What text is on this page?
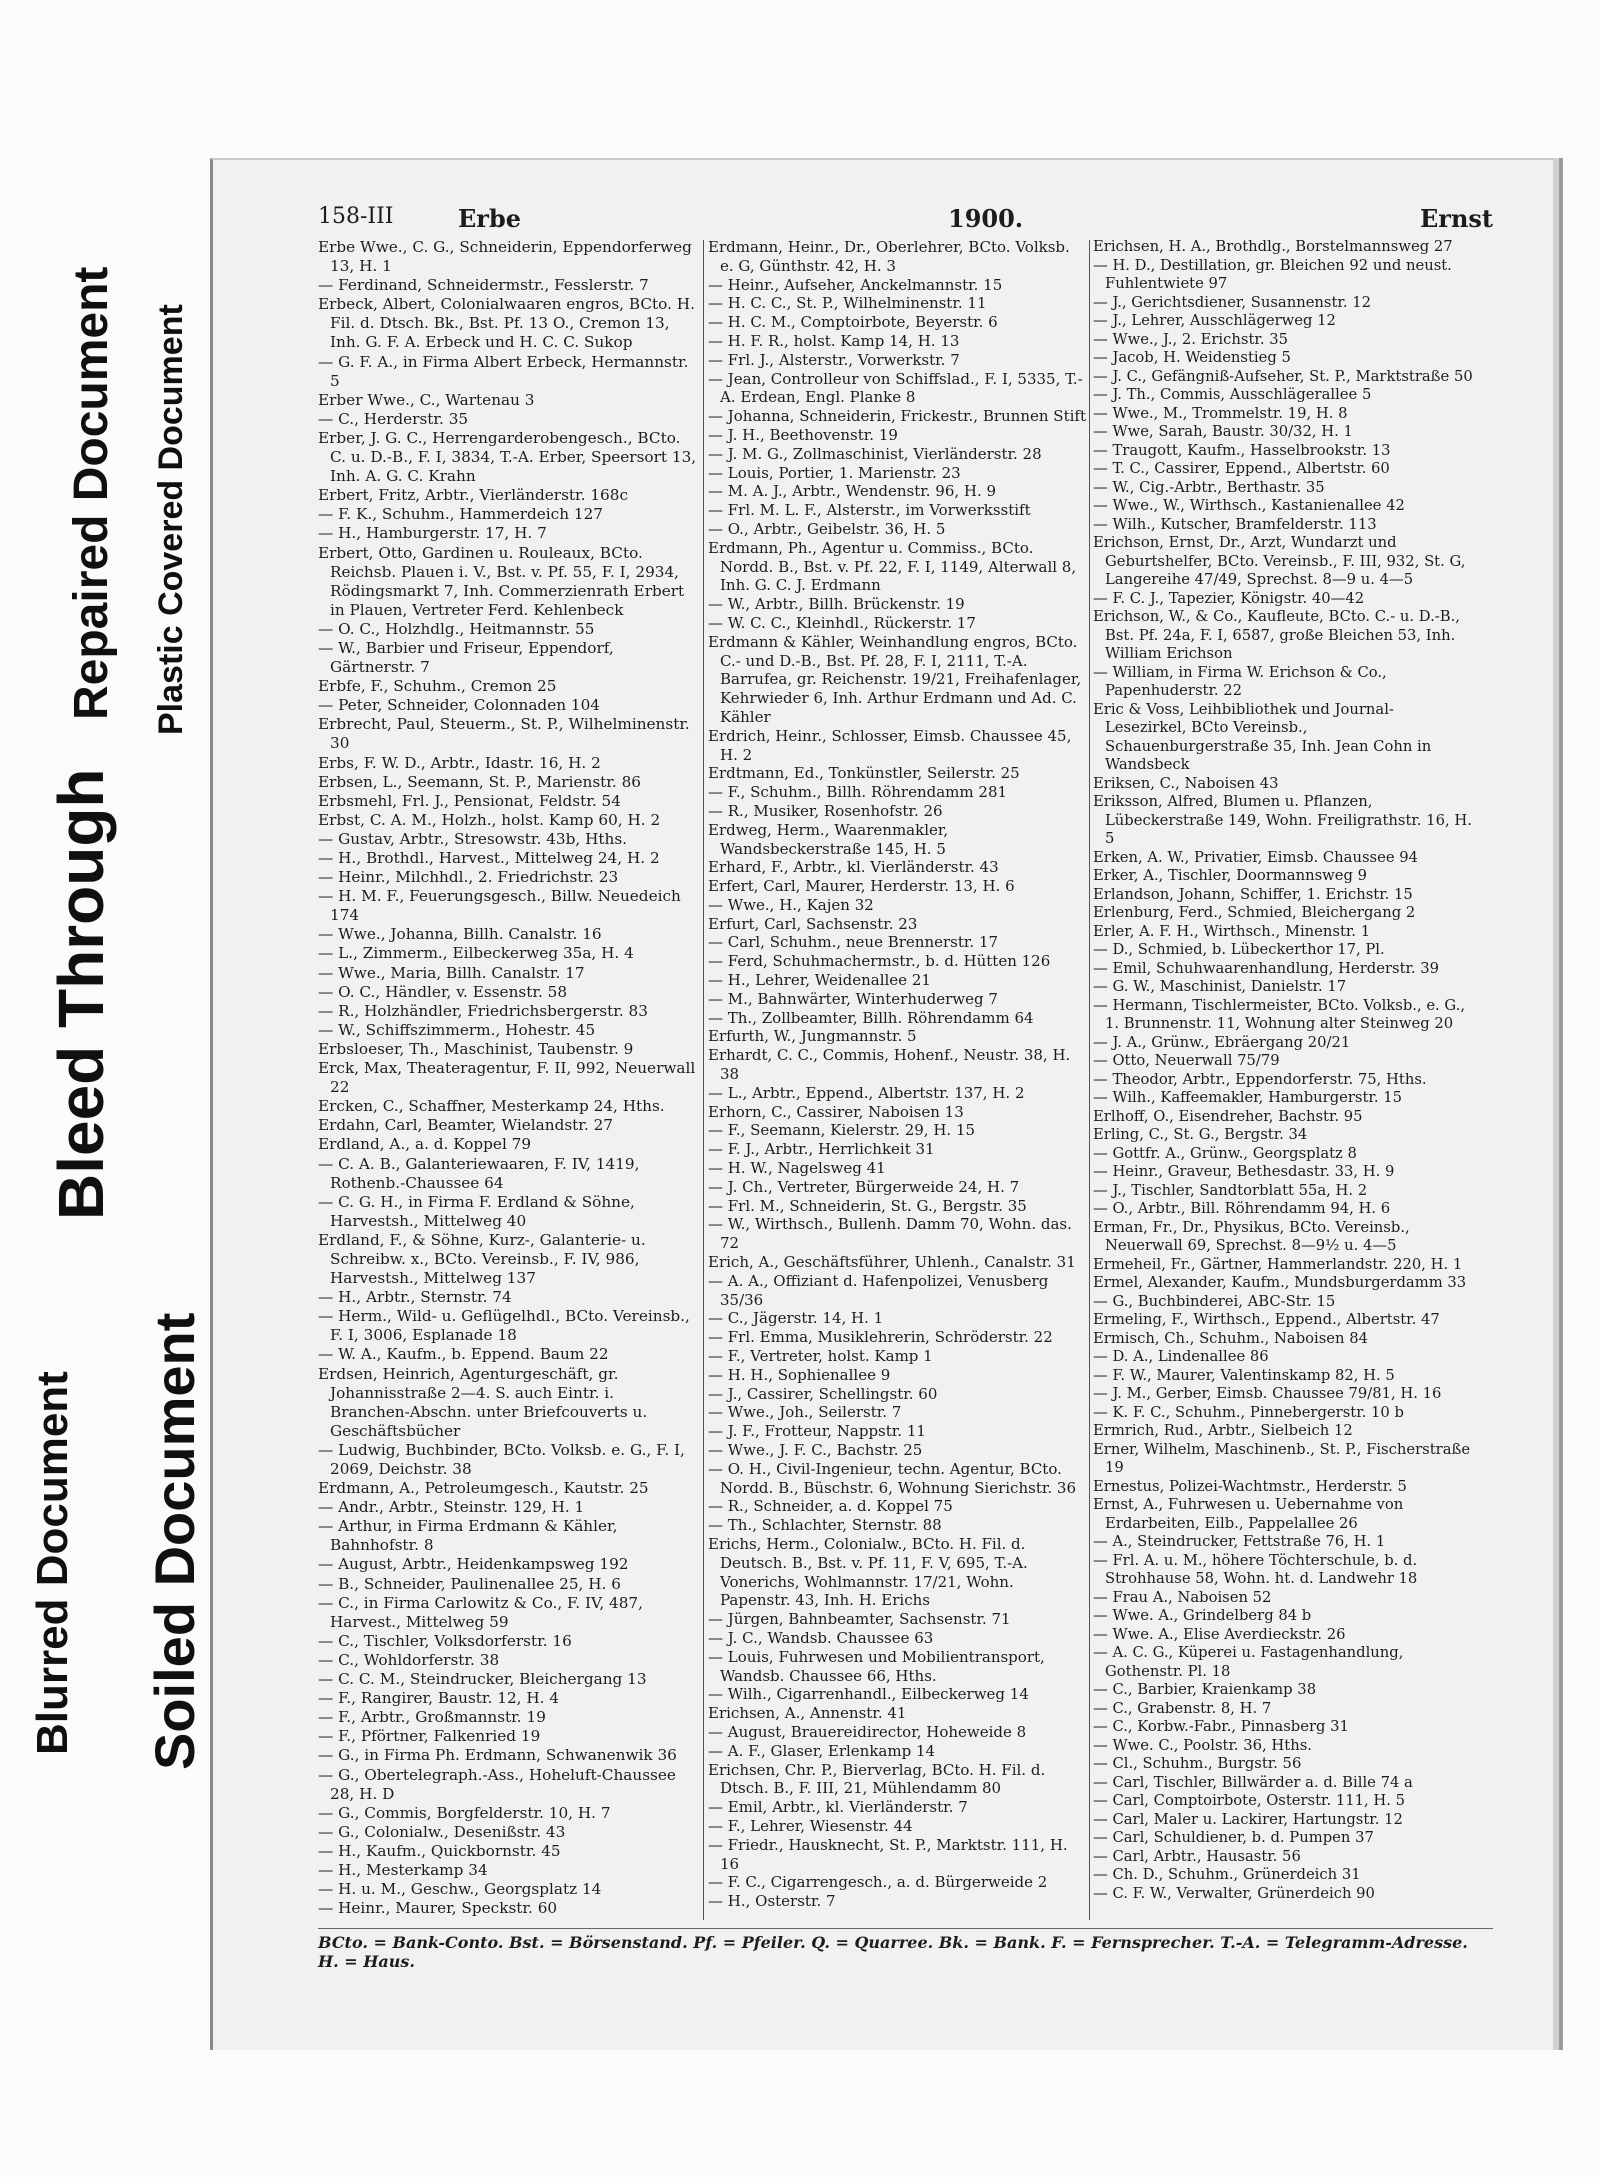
Blurred Document
Bleed Through
Repaired Document
Soiled Document
Plastic Covered Document
158-III	Erbe	1900.	Ernst

Erbe Wwe., C. G., Schneiderin, Eppendorferweg 13, H. 1

— Ferdinand, Schneidermstr., Fesslerstr. 7

Erbeck, Albert, Colonialwaaren engros, BCto. H. Fil. d. Dtsch. Bk., Bst. Pf. 13 O., Cremon 13, Inh. G. F. A. Erbeck und H. C. C. Sukop

— G. F. A., in Firma Albert Erbeck, Hermannstr. 5

Erber Wwe., C., Wartenau 3

— C., Herderstr. 35

Erber, J. G. C., Herrengarderobengesch., BCto. C. u. D.-B., F. I, 3834, T.-A. Erber, Speersort 13, Inh. A. G. C. Krahn

Erbert, Fritz, Arbtr., Vierländerstr. 168c

— F. K., Schuhm., Hammerdeich 127

— H., Hamburgerstr. 17, H. 7

Erbert, Otto, Gardinen u. Rouleaux, BCto. Reichsb. Plauen i. V., Bst. v. Pf. 55, F. I, 2934, Rödingsmarkt 7, Inh. Commerzienrath Erbert in Plauen, Vertreter Ferd. Kehlenbeck

— O. C., Holzhdlg., Heitmannstr. 55

— W., Barbier und Friseur, Eppendorf, Gärtnerstr. 7

Erbfe, F., Schuhm., Cremon 25

— Peter, Schneider, Colonnaden 104

Erbrecht, Paul, Steuerm., St. P., Wilhelminenstr. 30

Erbs, F. W. D., Arbtr., Idastr. 16, H. 2

Erbsen, L., Seemann, St. P., Marienstr. 86

Erbsmehl, Frl. J., Pensionat, Feldstr. 54

Erbst, C. A. M., Holzh., holst. Kamp 60, H. 2

— Gustav, Arbtr., Stresowstr. 43b, Hths.

— H., Brothdl., Harvest., Mittelweg 24, H. 2

— Heinr., Milchhdl., 2. Friedrichstr. 23

— H. M. F., Feuerungsgesch., Billw. Neuedeich 174

— Wwe., Johanna, Billh. Canalstr. 16

— L., Zimmerm., Eilbeckerweg 35a, H. 4

— Wwe., Maria, Billh. Canalstr. 17

— O. C., Händler, v. Essenstr. 58

— R., Holzhändler, Friedrichsbergerstr. 83

— W., Schiffszimmerm., Hohestr. 45

Erbsloeser, Th., Maschinist, Taubenstr. 9

Erck, Max, Theateragentur, F. II, 992, Neuerwall 22

Ercken, C., Schaffner, Mesterkamp 24, Hths.

Erdahn, Carl, Beamter, Wielandstr. 27

Erdland, A., a. d. Koppel 79

— C. A. B., Galanteriewaaren, F. IV, 1419, Rothenb.-Chaussee 64

— C. G. H., in Firma F. Erdland & Söhne, Harvestsh., Mittelweg 40

Erdland, F., & Söhne, Kurz-, Galanterie- u. Schreibw. x., BCto. Vereinsb., F. IV, 986, Harvestsh., Mittelweg 137

— H., Arbtr., Sternstr. 74

— Herm., Wild- u. Geflügelhdl., BCto. Vereinsb., F. I, 3006, Esplanade 18

— W. A., Kaufm., b. Eppend. Baum 22

Erdsen, Heinrich, Agenturgeschäft, gr. Johannisstraße 2—4. S. auch Eintr. i. Branchen-Abschn. unter Briefcouverts u. Geschäftsbücher

— Ludwig, Buchbinder, BCto. Volksb. e. G., F. I, 2069, Deichstr. 38

Erdmann, A., Petroleumgesch., Kautstr. 25

— Andr., Arbtr., Steinstr. 129, H. 1

— Arthur, in Firma Erdmann & Kähler, Bahnhofstr. 8

— August, Arbtr., Heidenkampsweg 192

— B., Schneider, Paulinenallee 25, H. 6

— C., in Firma Carlowitz & Co., F. IV, 487, Harvest., Mittelweg 59

— C., Tischler, Volksdorferstr. 16

— C., Wohldorferstr. 38

— C. C. M., Steindrucker, Bleichergang 13

— F., Rangirer, Baustr. 12, H. 4

— F., Arbtr., Großmannstr. 19

— F., Pförtner, Falkenried 19

— G., in Firma Ph. Erdmann, Schwanenwik 36

— G., Obertelegraph.-Ass., Hoheluft-Chaussee 28, H. D

— G., Commis, Borgfelderstr. 10, H. 7

— G., Colonialw., Desenißstr. 43

— H., Kaufm., Quickbornstr. 45

— H., Mesterkamp 34

— H. u. M., Geschw., Georgsplatz 14

— Heinr., Maurer, Speckstr. 60

Erdmann, Heinr., Dr., Oberlehrer, BCto. Volksb. e. G, Günthstr. 42, H. 3

— Heinr., Aufseher, Anckelmannstr. 15

— H. C. C., St. P., Wilhelminenstr. 11

— H. C. M., Comptoirbote, Beyerstr. 6

— H. F. R., holst. Kamp 14, H. 13

— Frl. J., Alsterstr., Vorwerkstr. 7

— Jean, Controlleur von Schiffslad., F. I, 5335, T.-A. Erdean, Engl. Planke 8

— Johanna, Schneiderin, Frickestr., Brunnen Stift

— J. H., Beethovenstr. 19

— J. M. G., Zollmaschinist, Vierländerstr. 28

— Louis, Portier, 1. Marienstr. 23

— M. A. J., Arbtr., Wendenstr. 96, H. 9

— Frl. M. L. F., Alsterstr., im Vorwerksstift

— O., Arbtr., Geibelstr. 36, H. 5

Erdmann, Ph., Agentur u. Commiss., BCto. Nordd. B., Bst. v. Pf. 22, F. I, 1149, Alterwall 8, Inh. G. C. J. Erdmann

— W., Arbtr., Billh. Brückenstr. 19

— W. C. C., Kleinhdl., Rückerstr. 17

Erdmann & Kähler, Weinhandlung engros, BCto. C.- und D.-B., Bst. Pf. 28, F. I, 2111, T.-A. Barrufea, gr. Reichenstr. 19/21, Freihafenlager, Kehrwieder 6, Inh. Arthur Erdmann und Ad. C. Kähler

Erdrich, Heinr., Schlosser, Eimsb. Chaussee 45, H. 2

Erdtmann, Ed., Tonkünstler, Seilerstr. 25

— F., Schuhm., Billh. Röhrendamm 281

— R., Musiker, Rosenhofstr. 26

Erdweg, Herm., Waarenmakler, Wandsbeckerstraße 145, H. 5

Erhard, F., Arbtr., kl. Vierländerstr. 43

Erfert, Carl, Maurer, Herderstr. 13, H. 6

— Wwe., H., Kajen 32

Erfurt, Carl, Sachsenstr. 23

— Carl, Schuhm., neue Brennerstr. 17

— Ferd, Schuhmachermstr., b. d. Hütten 126

— H., Lehrer, Weidenallee 21

— M., Bahnwärter, Winterhuderweg 7

— Th., Zollbeamter, Billh. Röhrendamm 64

Erfurth, W., Jungmannstr. 5

Erhardt, C. C., Commis, Hohenf., Neustr. 38, H. 38

— L., Arbtr., Eppend., Albertstr. 137, H. 2

Erhorn, C., Cassirer, Naboisen 13

— F., Seemann, Kielerstr. 29, H. 15

— F. J., Arbtr., Herrlichkeit 31

— H. W., Nagelsweg 41

— J. Ch., Vertreter, Bürgerweide 24, H. 7

— Frl. M., Schneiderin, St. G., Bergstr. 35

— W., Wirthsch., Bullenh. Damm 70, Wohn. das. 72

Erich, A., Geschäftsführer, Uhlenh., Canalstr. 31

— A. A., Offiziant d. Hafenpolizei, Venusberg 35/36

— C., Jägerstr. 14, H. 1

— Frl. Emma, Musiklehrerin, Schröderstr. 22

— F., Vertreter, holst. Kamp 1

— H. H., Sophienallee 9

— J., Cassirer, Schellingstr. 60

— Wwe., Joh., Seilerstr. 7

— J. F., Frotteur, Nappstr. 11

— Wwe., J. F. C., Bachstr. 25

— O. H., Civil-Ingenieur, techn. Agentur, BCto. Nordd. B., Büschstr. 6, Wohnung Sierichstr. 36

— R., Schneider, a. d. Koppel 75

— Th., Schlachter, Sternstr. 88

Erichs, Herm., Colonialw., BCto. H. Fil. d. Deutsch. B., Bst. v. Pf. 11, F. V, 695, T.-A. Vonerichs, Wohlmannstr. 17/21, Wohn. Papenstr. 43, Inh. H. Erichs

— Jürgen, Bahnbeamter, Sachsenstr. 71

— J. C., Wandsb. Chaussee 63

— Louis, Fuhrwesen und Mobilientransport, Wandsb. Chaussee 66, Hths.

— Wilh., Cigarrenhandl., Eilbeckerweg 14

Erichsen, A., Annenstr. 41

— August, Brauereidirector, Hoheweide 8

— A. F., Glaser, Erlenkamp 14

Erichsen, Chr. P., Bierverlag, BCto. H. Fil. d. Dtsch. B., F. III, 21, Mühlendamm 80

— Emil, Arbtr., kl. Vierländerstr. 7

— F., Lehrer, Wiesenstr. 44

— Friedr., Hausknecht, St. P., Marktstr. 111, H. 16

— F. C., Cigarrengesch., a. d. Bürgerweide 2

— H., Osterstr. 7

Erichsen, H. A., Brothdlg., Borstelmannsweg 27

— H. D., Destillation, gr. Bleichen 92 und neust. Fuhlentwiete 97

— J., Gerichtsdiener, Susannenstr. 12

— J., Lehrer, Ausschlägerweg 12

— Wwe., J., 2. Erichstr. 35

— Jacob, H. Weidenstieg 5

— J. C., Gefängniß-Aufseher, St. P., Marktstraße 50

— J. Th., Commis, Ausschlägerallee 5

— Wwe., M., Trommelstr. 19, H. 8

— Wwe, Sarah, Baustr. 30/32, H. 1

— Traugott, Kaufm., Hasselbrookstr. 13

— T. C., Cassirer, Eppend., Albertstr. 60

— W., Cig.-Arbtr., Berthastr. 35

— Wwe., W., Wirthsch., Kastanienallee 42

— Wilh., Kutscher, Bramfelderstr. 113

Erichson, Ernst, Dr., Arzt, Wundarzt und Geburtshelfer, BCto. Vereinsb., F. III, 932, St. G, Langereihe 47/49, Sprechst. 8—9 u. 4—5

— F. C. J., Tapezier, Königstr. 40—42

Erichson, W., & Co., Kaufleute, BCto. C.- u. D.-B., Bst. Pf. 24a, F. I, 6587, große Bleichen 53, Inh. William Erichson

— William, in Firma W. Erichson & Co., Papenhuderstr. 22

Eric & Voss, Leihbibliothek und Journal-Lesezirkel, BCto Vereinsb., Schauenburgerstraße 35, Inh. Jean Cohn in Wandsbeck

Eriksen, C., Naboisen 43

Eriksson, Alfred, Blumen u. Pflanzen, Lübeckerstraße 149, Wohn. Freiligrathstr. 16, H. 5

Erken, A. W., Privatier, Eimsb. Chaussee 94

Erker, A., Tischler, Doormannsweg 9

Erlandson, Johann, Schiffer, 1. Erichstr. 15

Erlenburg, Ferd., Schmied, Bleichergang 2

Erler, A. F. H., Wirthsch., Minenstr. 1

— D., Schmied, b. Lübeckerthor 17, Pl.

— Emil, Schuhwaarenhandlung, Herderstr. 39

— G. W., Maschinist, Danielstr. 17

— Hermann, Tischlermeister, BCto. Volksb., e. G., 1. Brunnenstr. 11, Wohnung alter Steinweg 20

— J. A., Grünw., Ebräergang 20/21

— Otto, Neuerwall 75/79

— Theodor, Arbtr., Eppendorferstr. 75, Hths.

— Wilh., Kaffeemakler, Hamburgerstr. 15

Erlhoff, O., Eisendreher, Bachstr. 95

Erling, C., St. G., Bergstr. 34

— Gottfr. A., Grünw., Georgsplatz 8

— Heinr., Graveur, Bethesdastr. 33, H. 9

— J., Tischler, Sandtorblatt 55a, H. 2

— O., Arbtr., Bill. Röhrendamm 94, H. 6

Erman, Fr., Dr., Physikus, BCto. Vereinsb., Neuerwall 69, Sprechst. 8—9½ u. 4—5

Ermeheil, Fr., Gärtner, Hammerlandstr. 220, H. 1

Ermel, Alexander, Kaufm., Mundsburgerdamm 33

— G., Buchbinderei, ABC-Str. 15

Ermeling, F., Wirthsch., Eppend., Albertstr. 47

Ermisch, Ch., Schuhm., Naboisen 84

— D. A., Lindenallee 86

— F. W., Maurer, Valentinskamp 82, H. 5

— J. M., Gerber, Eimsb. Chaussee 79/81, H. 16

— K. F. C., Schuhm., Pinnebergerstr. 10 b

Ermrich, Rud., Arbtr., Sielbeich 12

Erner, Wilhelm, Maschinenb., St. P., Fischerstraße 19

Ernestus, Polizei-Wachtmstr., Herderstr. 5

Ernst, A., Fuhrwesen u. Uebernahme von Erdarbeiten, Eilb., Pappelallee 26

— A., Steindrucker, Fettstraße 76, H. 1

— Frl. A. u. M., höhere Töchterschule, b. d. Strohhause 58, Wohn. ht. d. Landwehr 18

— Frau A., Naboisen 52

— Wwe. A., Grindelberg 84 b

— Wwe. A., Elise Averdieckstr. 26

— A. C. G., Küperei u. Fastagenhandlung, Gothenstr. Pl. 18

— C., Barbier, Kraienkamp 38

— C., Grabenstr. 8, H. 7

— C., Korbw.-Fabr., Pinnasberg 31

— Wwe. C., Poolstr. 36, Hths.

— Cl., Schuhm., Burgstr. 56

— Carl, Tischler, Billwärder a. d. Bille 74 a

— Carl, Comptoirbote, Osterstr. 111, H. 5

— Carl, Maler u. Lackirer, Hartungstr. 12

— Carl, Schuldiener, b. d. Pumpen 37

— Carl, Arbtr., Hausastr. 56

— Ch. D., Schuhm., Grünerdeich 31

— C. F. W., Verwalter, Grünerdeich 90

BCto. = Bank-Conto. Bst. = Börsenstand. Pf. = Pfeiler. Q. = Quarree. Bk. = Bank. F. = Fernsprecher. T.-A. = Telegramm-Adresse. H. = Haus.
